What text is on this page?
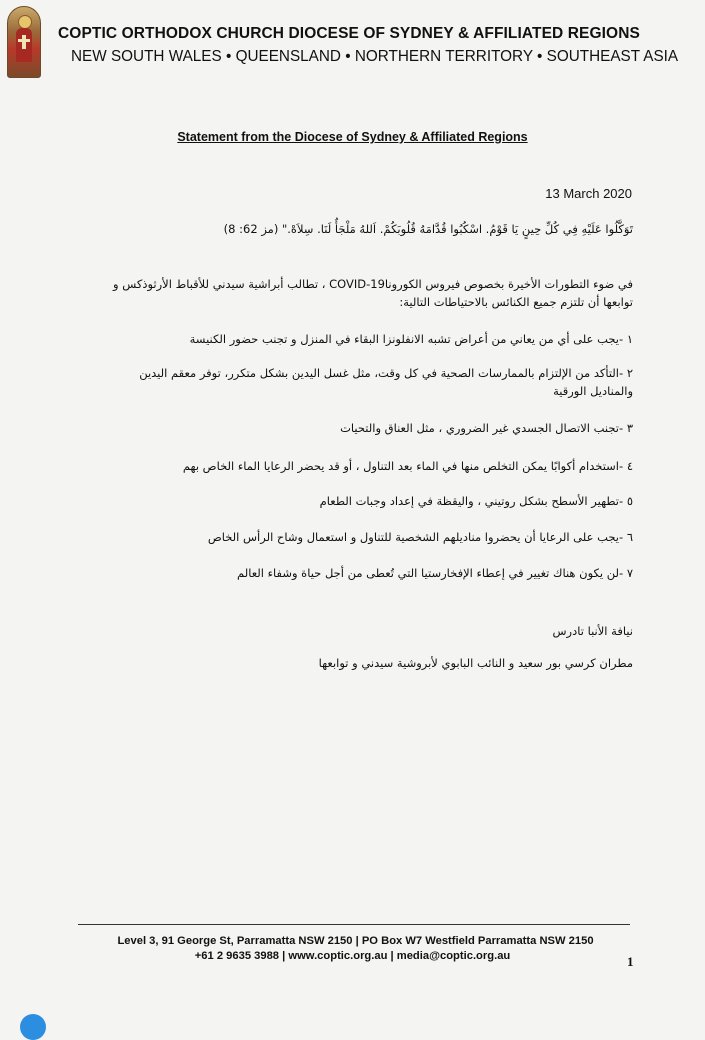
COPTIC ORTHODOX CHURCH DIOCESE OF SYDNEY & AFFILIATED REGIONS
NEW SOUTH WALES • QUEENSLAND • NORTHERN TERRITORY • SOUTHEAST ASIA
Statement from the Diocese of Sydney & Affiliated Regions
13 March 2020
تَوَكَّلُوا عَلَيْهِ فِي كُلِّ حِينٍ يَا قَوْمُ. اسْكُبُوا قُدَّامَهُ قُلُوبَكُمْ. اَللهُ مَلْجَأٌ لَنَا. سِلاَهْ." (مز 62: 8)
في ضوء التطورات الأخيرة بخصوص فيروس الكوروناCOVID-19 ، تطالب أبراشية سيدني للأقباط الأرثوذكس و توابعها أن تلتزم جميع الكنائس بالاحتياطات التالية:
١ -يجب على أي من يعاني من أعراض تشبه الانفلونزا البقاء في المنزل و تجنب حضور الكنيسة
٢ -التأكد من الإلتزام بالممارسات الصحية في كل وقت، مثل غسل اليدين بشكل متكرر، توفر معقم اليدين والمناديل الورقية
٣ -تجنب الاتصال الجسدي غير الضروري ، مثل العناق والتحيات
٤ -استخدام أكوابًا يمكن التخلص منها في الماء بعد التناول ، أو قد يحضر الرعايا الماء الخاص بهم
٥ -تطهير الأسطح بشكل روتيني ، واليقظة في إعداد وجبات الطعام
٦ -يجب على الرعايا أن يحضروا مناديلهم الشخصية للتناول و استعمال وشاح الرأس الخاص
٧ -لن يكون هناك تغيير في إعطاء الإفخارستيا التي تُعطى من أجل حياة وشفاء العالم
نيافة الأنبا تادرس
مطران كرسي بور سعيد و النائب البابوي لأبروشية سيدني و توابعها
Level 3, 91 George St, Parramatta NSW 2150 | PO Box W7 Westfield Parramatta NSW 2150
+61 2 9635 3988 | www.coptic.org.au | media@coptic.org.au	1
